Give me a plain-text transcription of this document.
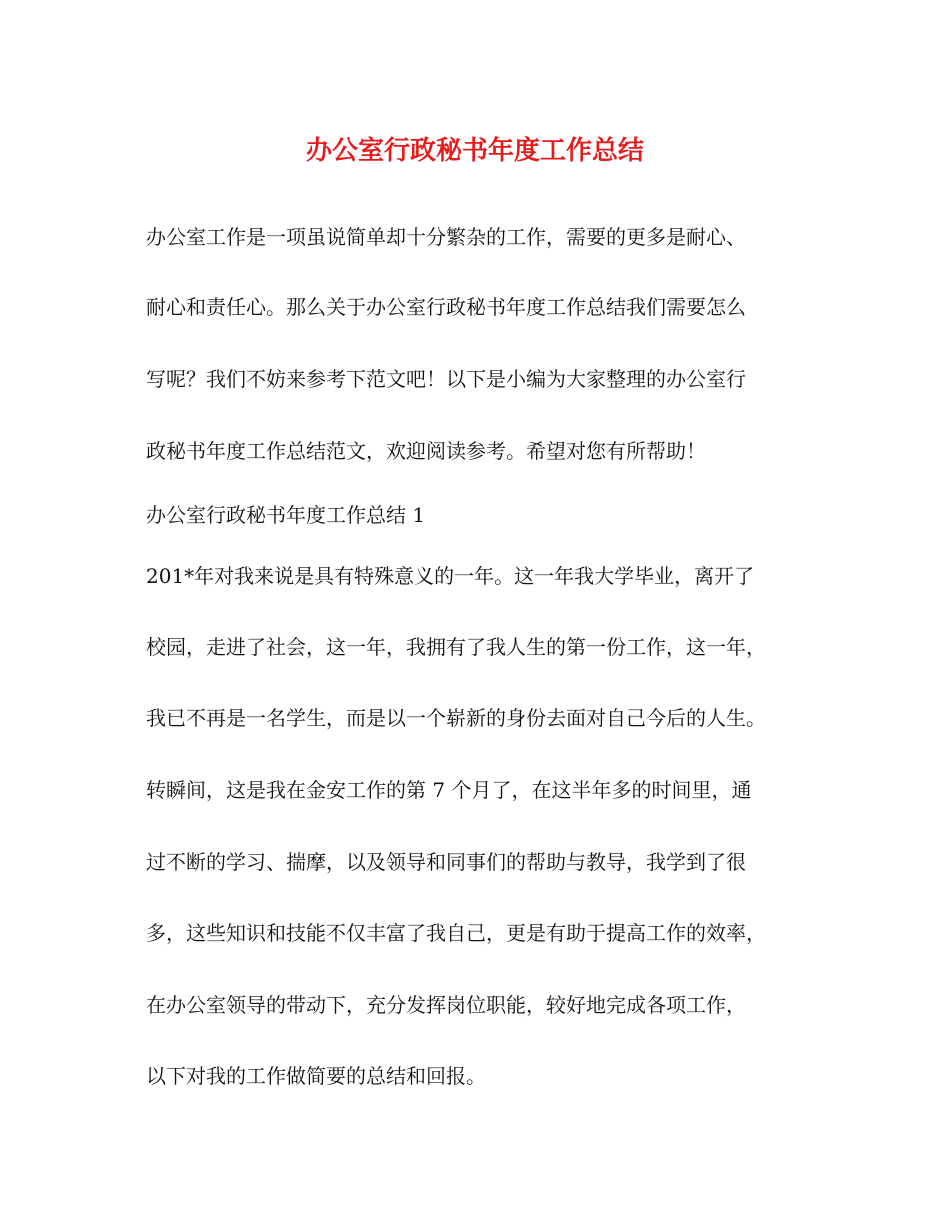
办公室行政秘书年度工作总结

办公室工作是一项虽说简单却十分繁杂的工作，需要的更多是耐心、

耐心和责任心。那么关于办公室行政秘书年度工作总结我们需要怎么

写呢？我们不妨来参考下范文吧！以下是小编为大家整理的办公室行

政秘书年度工作总结范文，欢迎阅读参考。希望对您有所帮助！

办公室行政秘书年度工作总结 1

201*年对我来说是具有特殊意义的一年。这一年我大学毕业，离开了

校园，走进了社会，这一年，我拥有了我人生的第一份工作，这一年，

我已不再是一名学生，而是以一个崭新的身份去面对自己今后的人生。

转瞬间，这是我在金安工作的第 7 个月了，在这半年多的时间里，通

过不断的学习、揣摩，以及领导和同事们的帮助与教导，我学到了很

多，这些知识和技能不仅丰富了我自己，更是有助于提高工作的效率，

在办公室领导的带动下，充分发挥岗位职能，较好地完成各项工作，

以下对我的工作做简要的总结和回报。
